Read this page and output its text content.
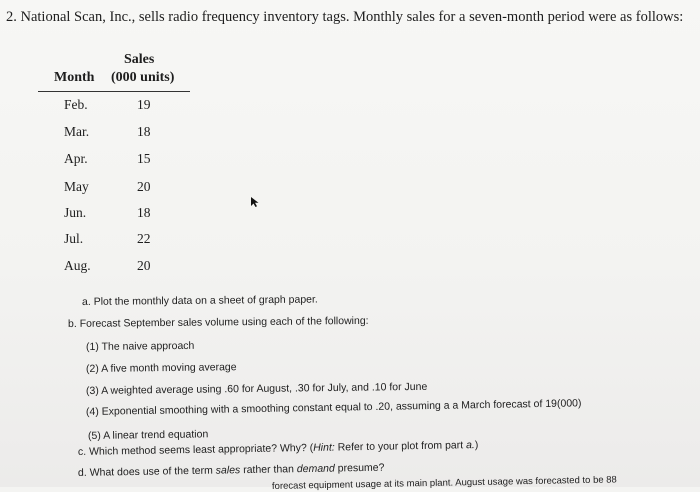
2. National Scan, Inc., sells radio frequency inventory tags. Monthly sales for a seven-month period were as follows:
Sales
Month (000 units)
Feb.	19
Mar.	18
Apr.	15
May	20
Jun.	18
Jul.	22
Aug.	20
a. Plot the monthly data on a sheet of graph paper.
b. Forecast September sales volume using each of the following:
(1) The naive approach
(2) A five month moving average
(3) A weighted average using .60 for August, .30 for July, and .10 for June
(4) Exponential smoothing with a smoothing constant equal to .20, assuming a a March forecast of 19(000)
(5) A linear trend equation
c. Which method seems least appropriate? Why? (Hint: Refer to your plot from part a.)
d. What does use of the term sales rather than demand presume?
forecast equipment usage at its main plant. August usage was forecasted to be 88
